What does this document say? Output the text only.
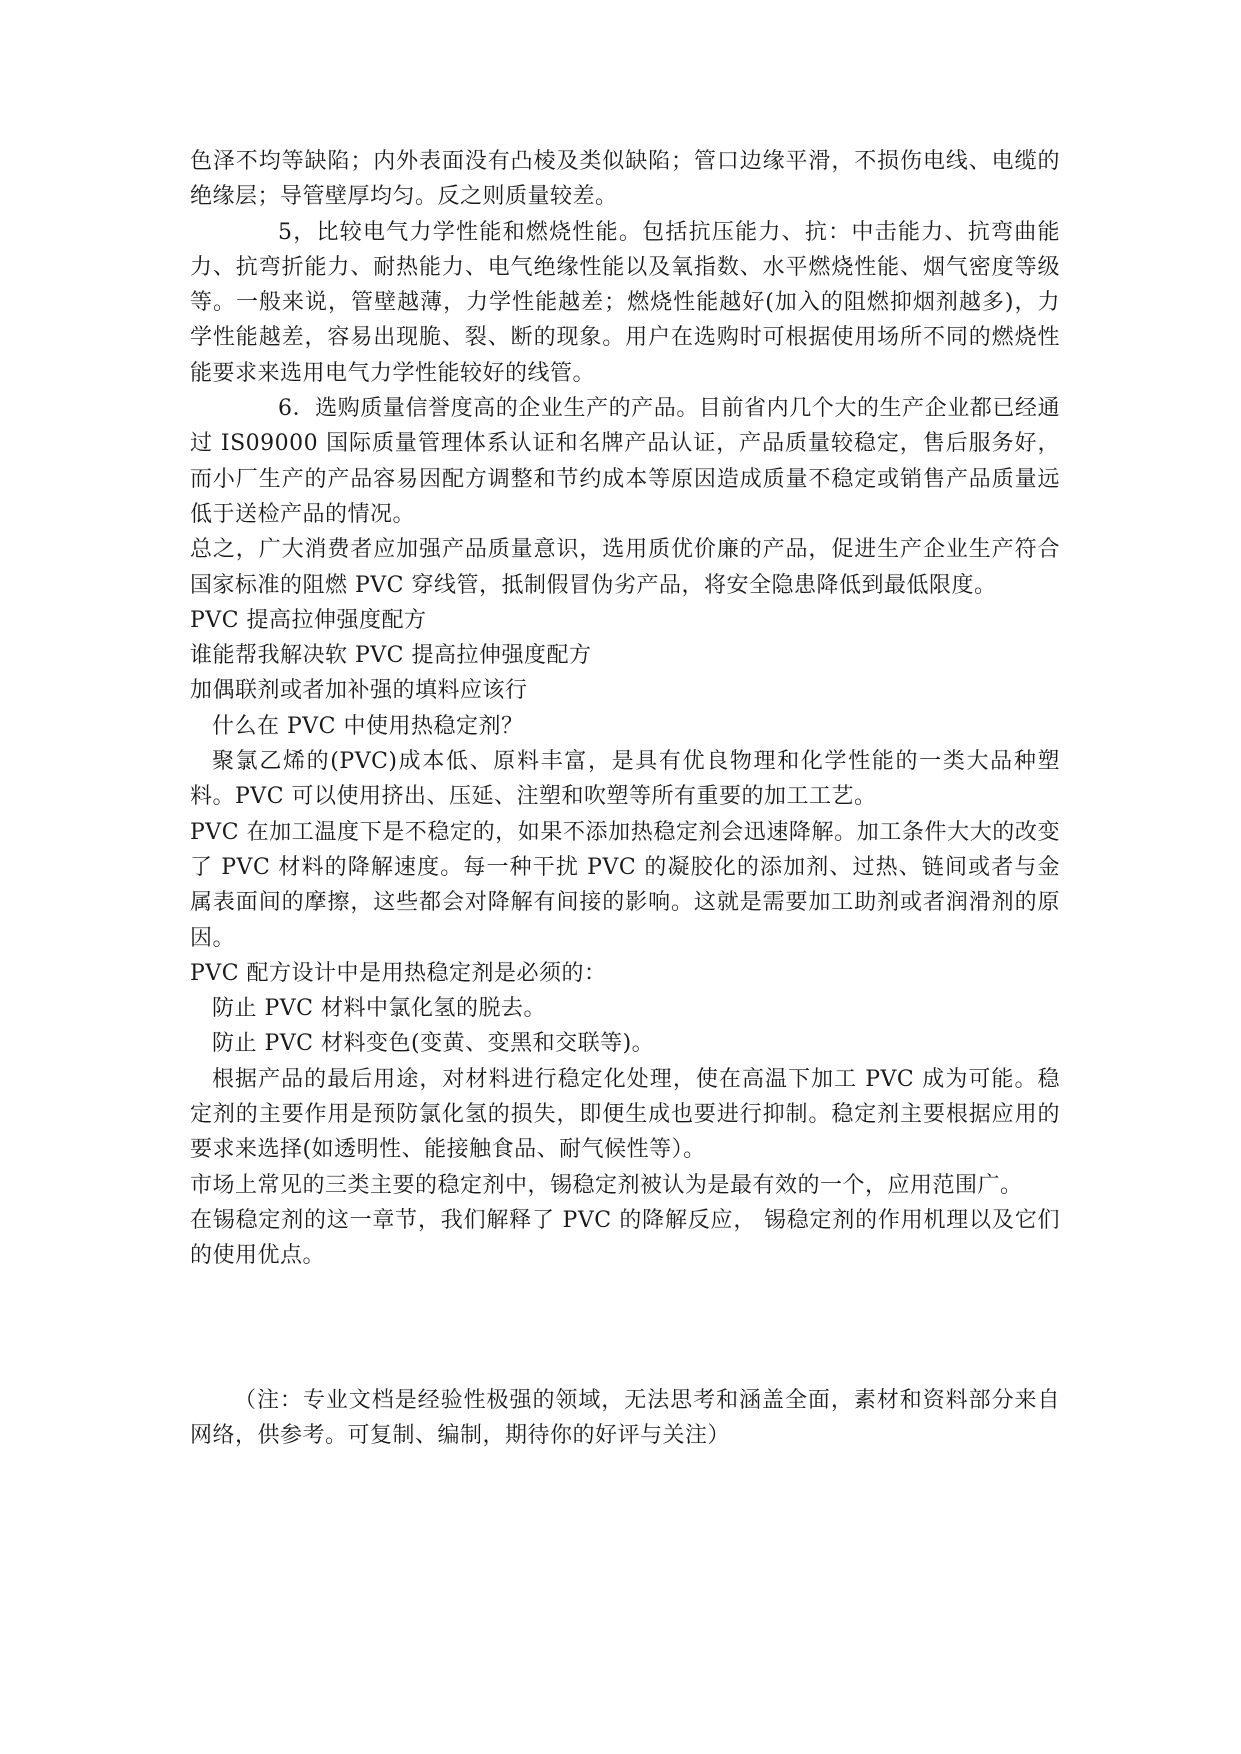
色泽不均等缺陷；内外表面没有凸棱及类似缺陷；管口边缘平滑，不损伤电线、电缆的绝缘层；导管壁厚均匀。反之则质量较差。

5，比较电气力学性能和燃烧性能。包括抗压能力、抗：中击能力、抗弯曲能力、抗弯折能力、耐热能力、电气绝缘性能以及氧指数、水平燃烧性能、烟气密度等级等。一般来说，管壁越薄，力学性能越差；燃烧性能越好(加入的阻燃抑烟剂越多)，力学性能越差，容易出现脆、裂、断的现象。用户在选购时可根据使用场所不同的燃烧性能要求来选用电气力学性能较好的线管。

6．选购质量信誉度高的企业生产的产品。目前省内几个大的生产企业都已经通过 IS09000 国际质量管理体系认证和名牌产品认证，产品质量较稳定，售后服务好，而小厂生产的产品容易因配方调整和节约成本等原因造成质量不稳定或销售产品质量远低于送检产品的情况。

总之，广大消费者应加强产品质量意识，选用质优价廉的产品，促进生产企业生产符合国家标准的阻燃 PVC 穿线管，抵制假冒伪劣产品，将安全隐患降低到最低限度。

PVC 提高拉伸强度配方

谁能帮我解决软 PVC 提高拉伸强度配方

加偶联剂或者加补强的填料应该行

什么在 PVC 中使用热稳定剂？

聚氯乙烯的(PVC)成本低、原料丰富，是具有优良物理和化学性能的一类大品种塑料。PVC 可以使用挤出、压延、注塑和吹塑等所有重要的加工工艺。

PVC 在加工温度下是不稳定的，如果不添加热稳定剂会迅速降解。加工条件大大的改变了 PVC 材料的降解速度。每一种干扰 PVC 的凝胶化的添加剂、过热、链间或者与金属表面间的摩擦，这些都会对降解有间接的影响。这就是需要加工助剂或者润滑剂的原因。

PVC 配方设计中是用热稳定剂是必须的：

防止 PVC 材料中氯化氢的脱去。

防止 PVC 材料变色(变黄、变黑和交联等)。

根据产品的最后用途，对材料进行稳定化处理，使在高温下加工 PVC 成为可能。稳定剂的主要作用是预防氯化氢的损失，即便生成也要进行抑制。稳定剂主要根据应用的要求来选择(如透明性、能接触食品、耐气候性等）。

市场上常见的三类主要的稳定剂中，锡稳定剂被认为是最有效的一个，应用范围广。

在锡稳定剂的这一章节，我们解释了 PVC 的降解反应， 锡稳定剂的作用机理以及它们的使用优点。

（注：专业文档是经验性极强的领域，无法思考和涵盖全面，素材和资料部分来自网络，供参考。可复制、编制，期待你的好评与关注）
